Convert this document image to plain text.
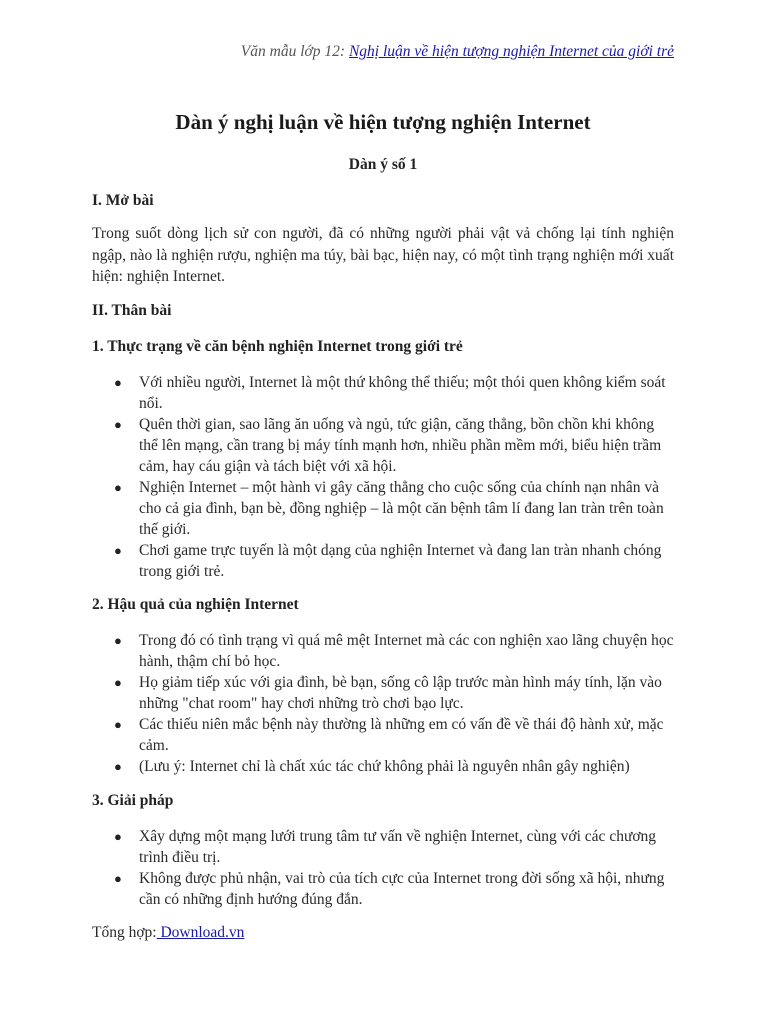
Văn mẫu lớp 12: Nghị luận về hiện tượng nghiện Internet của giới trẻ
Dàn ý nghị luận về hiện tượng nghiện Internet

Dàn ý số 1

I. Mở bài

Trong suốt dòng lịch sử con người, đã có những người phải vật vả chống lại tính nghiện ngập, nào là nghiện rượu, nghiện ma túy, bài bạc, hiện nay, có một tình trạng nghiện mới xuất hiện: nghiện Internet.

II. Thân bài

1. Thực trạng về căn bệnh nghiện Internet trong giới trẻ

● Với nhiều người, Internet là một thứ không thể thiếu; một thói quen không kiểm soát nổi.
● Quên thời gian, sao lãng ăn uống và ngủ, tức giận, căng thẳng, bồn chồn khi không thể lên mạng, cần trang bị máy tính mạnh hơn, nhiều phần mềm mới, biểu hiện trầm cảm, hay cáu giận và tách biệt với xã hội.
● Nghiện Internet – một hành vi gây căng thẳng cho cuộc sống của chính nạn nhân và cho cả gia đình, bạn bè, đồng nghiệp – là một căn bệnh tâm lí đang lan tràn trên toàn thế giới.
● Chơi game trực tuyến là một dạng của nghiện Internet và đang lan tràn nhanh chóng trong giới trẻ.

2. Hậu quả của nghiện Internet

● Trong đó có tình trạng vì quá mê mệt Internet mà các con nghiện xao lãng chuyện học hành, thậm chí bỏ học.
● Họ giảm tiếp xúc với gia đình, bè bạn, sống cô lập trước màn hình máy tính, lặn vào những "chat room" hay chơi những trò chơi bạo lực.
● Các thiếu niên mắc bệnh này thường là những em có vấn đề về thái độ hành xử, mặc cảm.
● (Lưu ý: Internet chỉ là chất xúc tác chứ không phải là nguyên nhân gây nghiện)

3. Giải pháp

● Xây dựng một mạng lưới trung tâm tư vấn về nghiện Internet, cùng với các chương trình điều trị.
● Không được phủ nhận, vai trò của tích cực của Internet trong đời sống xã hội, nhưng cần có những định hướng đúng đắn.
Tổng hợp: Download.vn
